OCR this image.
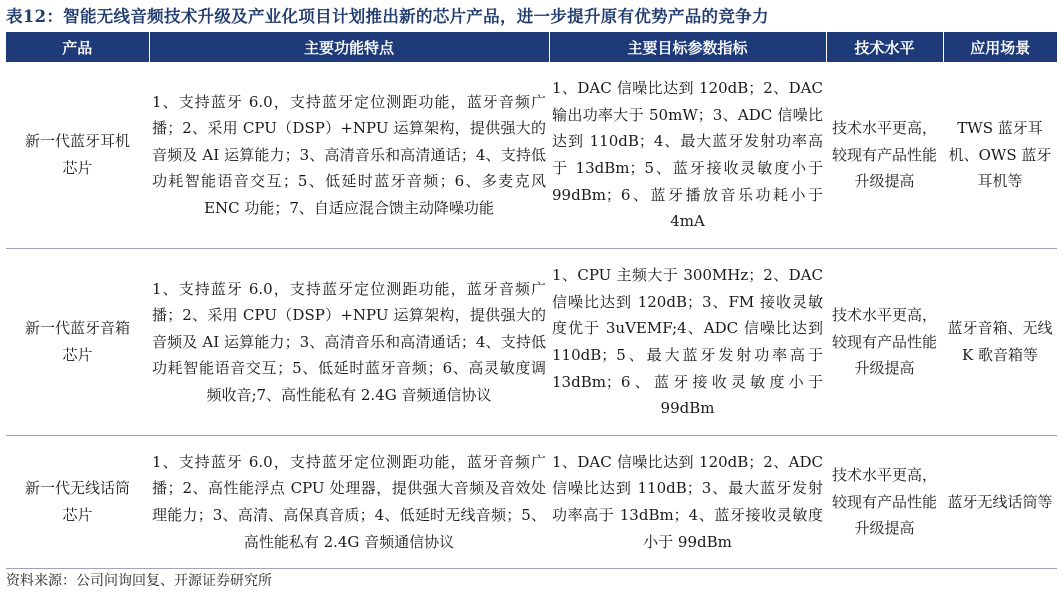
表12：智能无线音频技术升级及产业化项目计划推出新的芯片产品，进一步提升原有优势产品的竞争力
产品	主要功能特点	主要目标参数指标	技术水平	应用场景

新一代蓝牙耳机芯片	1、支持蓝牙 6.0，支持蓝牙定位测距功能，蓝牙音频广播；2、采用 CPU（DSP）+NPU 运算架构，提供强大的音频及 AI 运算能力；3、高清音乐和高清通话；4、支持低功耗智能语音交互；5、低延时蓝牙音频；6、多麦克风 ENC 功能；7、自适应混合馈主动降噪功能	1、DAC 信噪比达到 120dB；2、DAC 输出功率大于 50mW；3、ADC 信噪比达到 110dB；4、最大蓝牙发射功率高于 13dBm；5、蓝牙接收灵敏度小于 99dBm；6、蓝牙播放音乐功耗小于 4mA	技术水平更高，较现有产品性能升级提高	TWS 蓝牙耳机、OWS 蓝牙耳机等

新一代蓝牙音箱芯片	1、支持蓝牙 6.0，支持蓝牙定位测距功能，蓝牙音频广播；2、采用 CPU（DSP）+NPU 运算架构，提供强大的音频及 AI 运算能力；3、高清音乐和高清通话；4、支持低功耗智能语音交互；5、低延时蓝牙音频；6、高灵敏度调频收音;7、高性能私有 2.4G 音频通信协议	1、CPU 主频大于 300MHz；2、DAC 信噪比达到 120dB；3、FM 接收灵敏度优于 3uVEMF;4、ADC 信噪比达到 110dB；5、最大蓝牙发射功率高于 13dBm；6、蓝牙接收灵敏度小于 99dBm	技术水平更高，较现有产品性能升级提高	蓝牙音箱、无线 K 歌音箱等

新一代无线话筒芯片	1、支持蓝牙 6.0，支持蓝牙定位测距功能，蓝牙音频广播；2、高性能浮点 CPU 处理器，提供强大音频及音效处理能力；3、高清、高保真音质；4、低延时无线音频；5、高性能私有 2.4G 音频通信协议	1、DAC 信噪比达到 120dB；2、ADC 信噪比达到 110dB；3、最大蓝牙发射功率高于 13dBm；4、蓝牙接收灵敏度小于 99dBm	技术水平更高，较现有产品性能升级提高	蓝牙无线话筒等
资料来源：公司问询回复、开源证券研究所
